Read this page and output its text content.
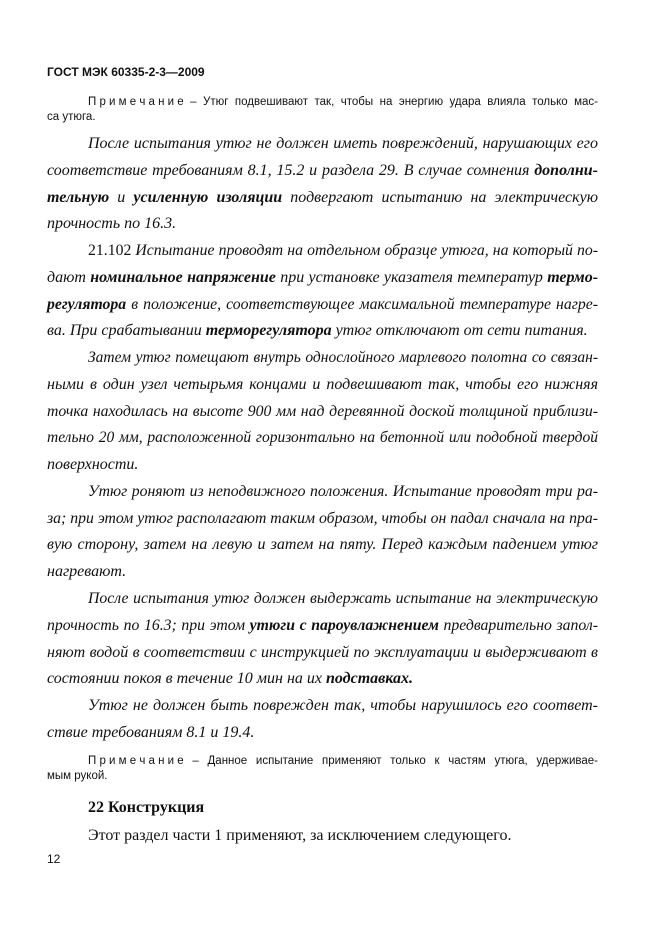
ГОСТ МЭК 60335-2-3—2009
П р и м е ч а н и е – Утюг подвешивают так, чтобы на энергию удара влияла только мас-
са утюга.
После испытания утюг не должен иметь повреждений, нарушающих его
соответствие требованиям 8.1, 15.2 и раздела 29. В случае сомнения дополни-
тельную и усиленную изоляции подвергают испытанию на электрическую
прочность по 16.3.
21.102 Испытание проводят на отдельном образце утюга, на который по-
дают номинальное напряжение при установке указателя температур термо-
регулятора в положение, соответствующее максимальной температуре нагре-
ва. При срабатывании терморегулятора утюг отключают от сети питания.
Затем утюг помещают внутрь однослойного марлевого полотна со связан-
ными в один узел четырьмя концами и подвешивают так, чтобы его нижняя
точка находилась на высоте 900 мм над деревянной доской толщиной приблизи-
тельно 20 мм, расположенной горизонтально на бетонной или подобной твердой
поверхности.
Утюг роняют из неподвижного положения. Испытание проводят три ра-
за; при этом утюг располагают таким образом, чтобы он падал сначала на пра-
вую сторону, затем на левую и затем на пяту. Перед каждым падением утюг
нагревают.
После испытания утюг должен выдержать испытание на электрическую
прочность по 16.3; при этом утюги с пароувлажнением предварительно запол-
няют водой в соответствии с инструкцией по эксплуатации и выдерживают в
состоянии покоя в течение 10 мин на их подставках.
Утюг не должен быть поврежден так, чтобы нарушилось его соответ-
ствие требованиям 8.1 и 19.4.
П р и м е ч а н и е – Данное испытание применяют только к частям утюга, удерживае-
мым рукой.
22 Конструкция
Этот раздел части 1 применяют, за исключением следующего.
12
